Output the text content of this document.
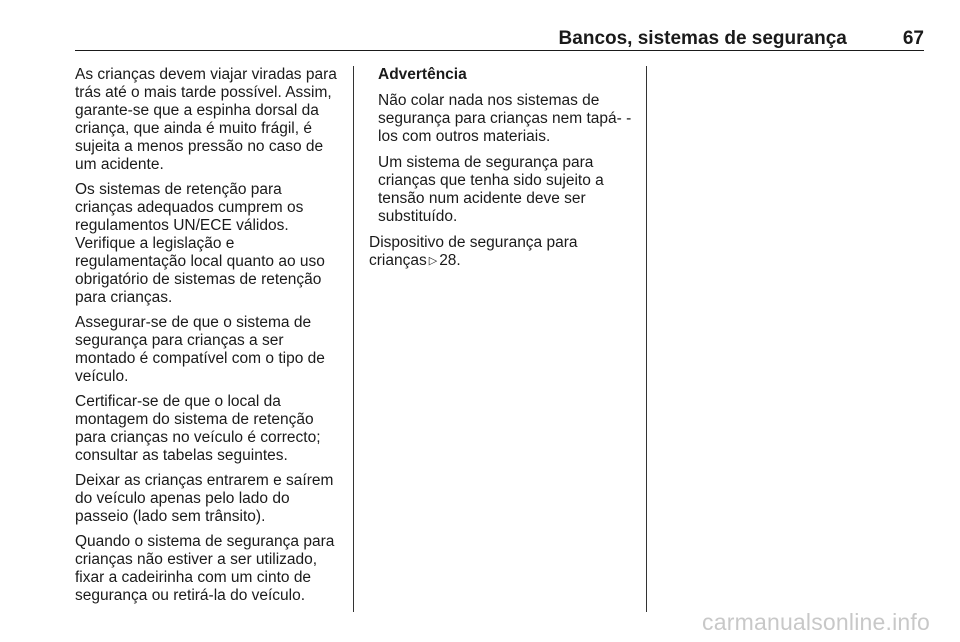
Bancos, sistemas de segurança	67

As crianças devem viajar viradas para trás até o mais tarde possível. Assim, garante-se que a espinha dorsal da criança, que ainda é muito frágil, é sujeita a menos pressão no caso de um acidente.

Os sistemas de retenção para crianças adequados cumprem os regulamentos UN/ECE válidos. Verifique a legislação e regulamentação local quanto ao uso obrigatório de sistemas de retenção para crianças.

Assegurar-se de que o sistema de segurança para crianças a ser montado é compatível com o tipo de veículo.

Certificar-se de que o local da montagem do sistema de retenção para crianças no veículo é correcto; consultar as tabelas seguintes.

Deixar as crianças entrarem e saírem do veículo apenas pelo lado do passeio (lado sem trânsito).

Quando o sistema de segurança para crianças não estiver a ser utilizado, fixar a cadeirinha com um cinto de segurança ou retirá-la do veículo.

Advertência

Não colar nada nos sistemas de segurança para crianças nem tapá- -los com outros materiais.

Um sistema de segurança para crianças que tenha sido sujeito a tensão num acidente deve ser substituído.

Dispositivo de segurança para crianças ▷ 28.

carmanualsonline.info
